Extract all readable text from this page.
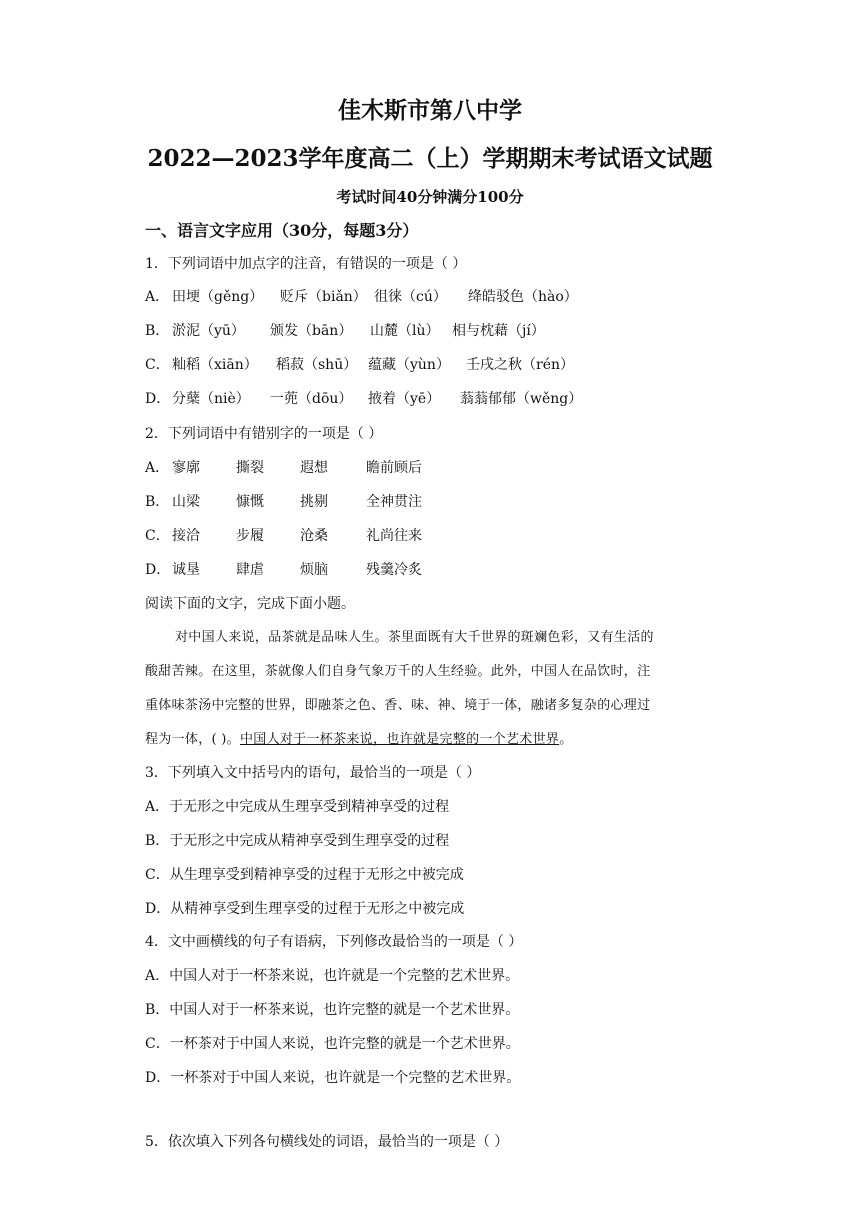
佳木斯市第八中学
2022—2023学年度高二（上）学期期末考试语文试题
考试时间40分钟满分100分
一、语言文字应用（30分，每题3分）
1．下列词语中加点字的注音，有错误的一项是（ ）
A． 田埂（gěng） 贬斥（biǎn） 徂徕（cú） 绛皓驳色（hào）
B． 淤泥（yū） 颁发（bān） 山麓（lù） 相与枕藉（jí）
C． 籼稻（xiān） 稻菽（shū） 蕴藏（yùn） 壬戌之秋（rén）
D． 分蘖（niè） 一蔸（dōu） 掖着（yē） 蓊蓊郁郁（wěng）
2．下列词语中有错别字的一项是（ ）
A． 寥廓	撕裂	遐想	瞻前顾后
B． 山梁	慷慨	挑剔	全神贯注
C． 接洽	步履	沧桑	礼尚往来
D． 诚垦	肆虐	烦脑	残羹冷炙
阅读下面的文字，完成下面小题。
对中国人来说，品茶就是品味人生。茶里面既有大千世界的斑斓色彩，又有生活的
酸甜苦辣。在这里，茶就像人们自身气象万千的人生经验。此外，中国人在品饮时，注
重体味茶汤中完整的世界，即融茶之色、香、味、神、境于一体，融诸多复杂的心理过
程为一体，( )。中国人对于一杯茶来说，也许就是完整的一个艺术世界。
3．下列填入文中括号内的语句，最恰当的一项是（ ）
A．于无形之中完成从生理享受到精神享受的过程
B．于无形之中完成从精神享受到生理享受的过程
C．从生理享受到精神享受的过程于无形之中被完成
D．从精神享受到生理享受的过程于无形之中被完成
4．文中画横线的句子有语病，下列修改最恰当的一项是（ ）
A．中国人对于一杯茶来说，也许就是一个完整的艺术世界。
B．中国人对于一杯茶来说，也许完整的就是一个艺术世界。
C．一杯茶对于中国人来说，也许完整的就是一个艺术世界。
D．一杯茶对于中国人来说，也许就是一个完整的艺术世界。
5．依次填入下列各句横线处的词语，最恰当的一项是（ ）
